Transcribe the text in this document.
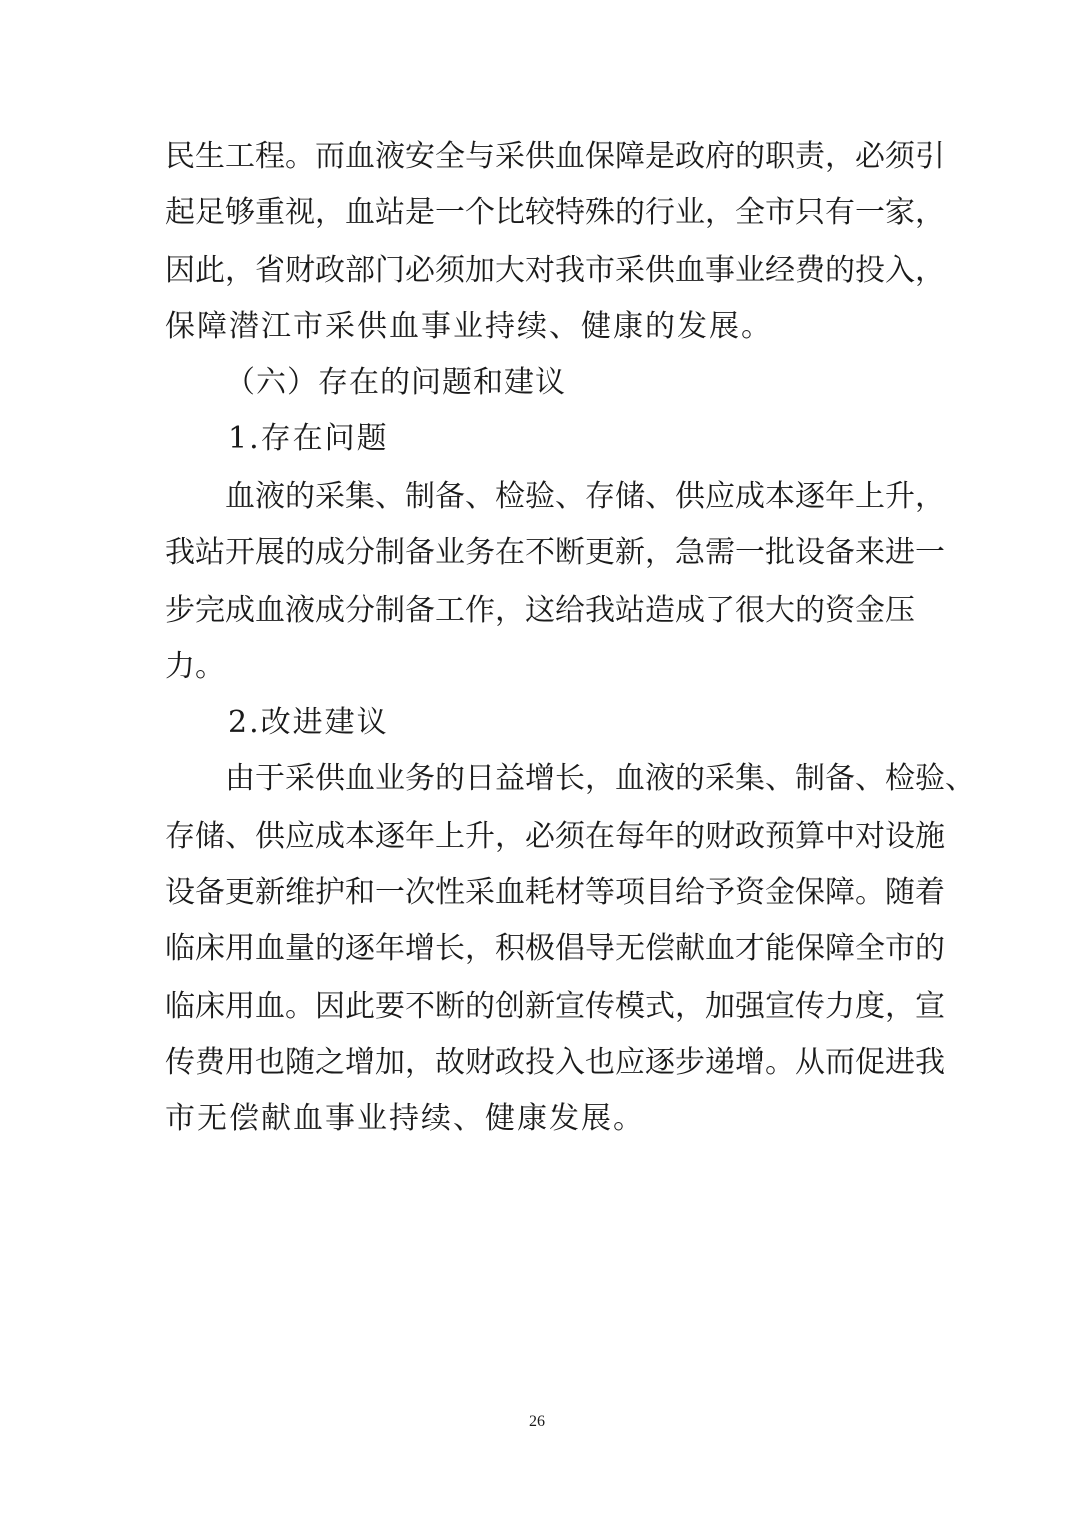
民生工程。而血液安全与采供血保障是政府的职责，必须引
起足够重视，血站是一个比较特殊的行业，全市只有一家，
因此，省财政部门必须加大对我市采供血事业经费的投入，
保障潜江市采供血事业持续、健康的发展。
（六）存在的问题和建议
1.存在问题
血液的采集、制备、检验、存储、供应成本逐年上升，
我站开展的成分制备业务在不断更新，急需一批设备来进一
步完成血液成分制备工作，这给我站造成了很大的资金压
力。
2.改进建议
由于采供血业务的日益增长，血液的采集、制备、检验、
存储、供应成本逐年上升，必须在每年的财政预算中对设施
设备更新维护和一次性采血耗材等项目给予资金保障。随着
临床用血量的逐年增长，积极倡导无偿献血才能保障全市的
临床用血。因此要不断的创新宣传模式，加强宣传力度，宣
传费用也随之增加，故财政投入也应逐步递增。从而促进我
市无偿献血事业持续、健康发展。
26
